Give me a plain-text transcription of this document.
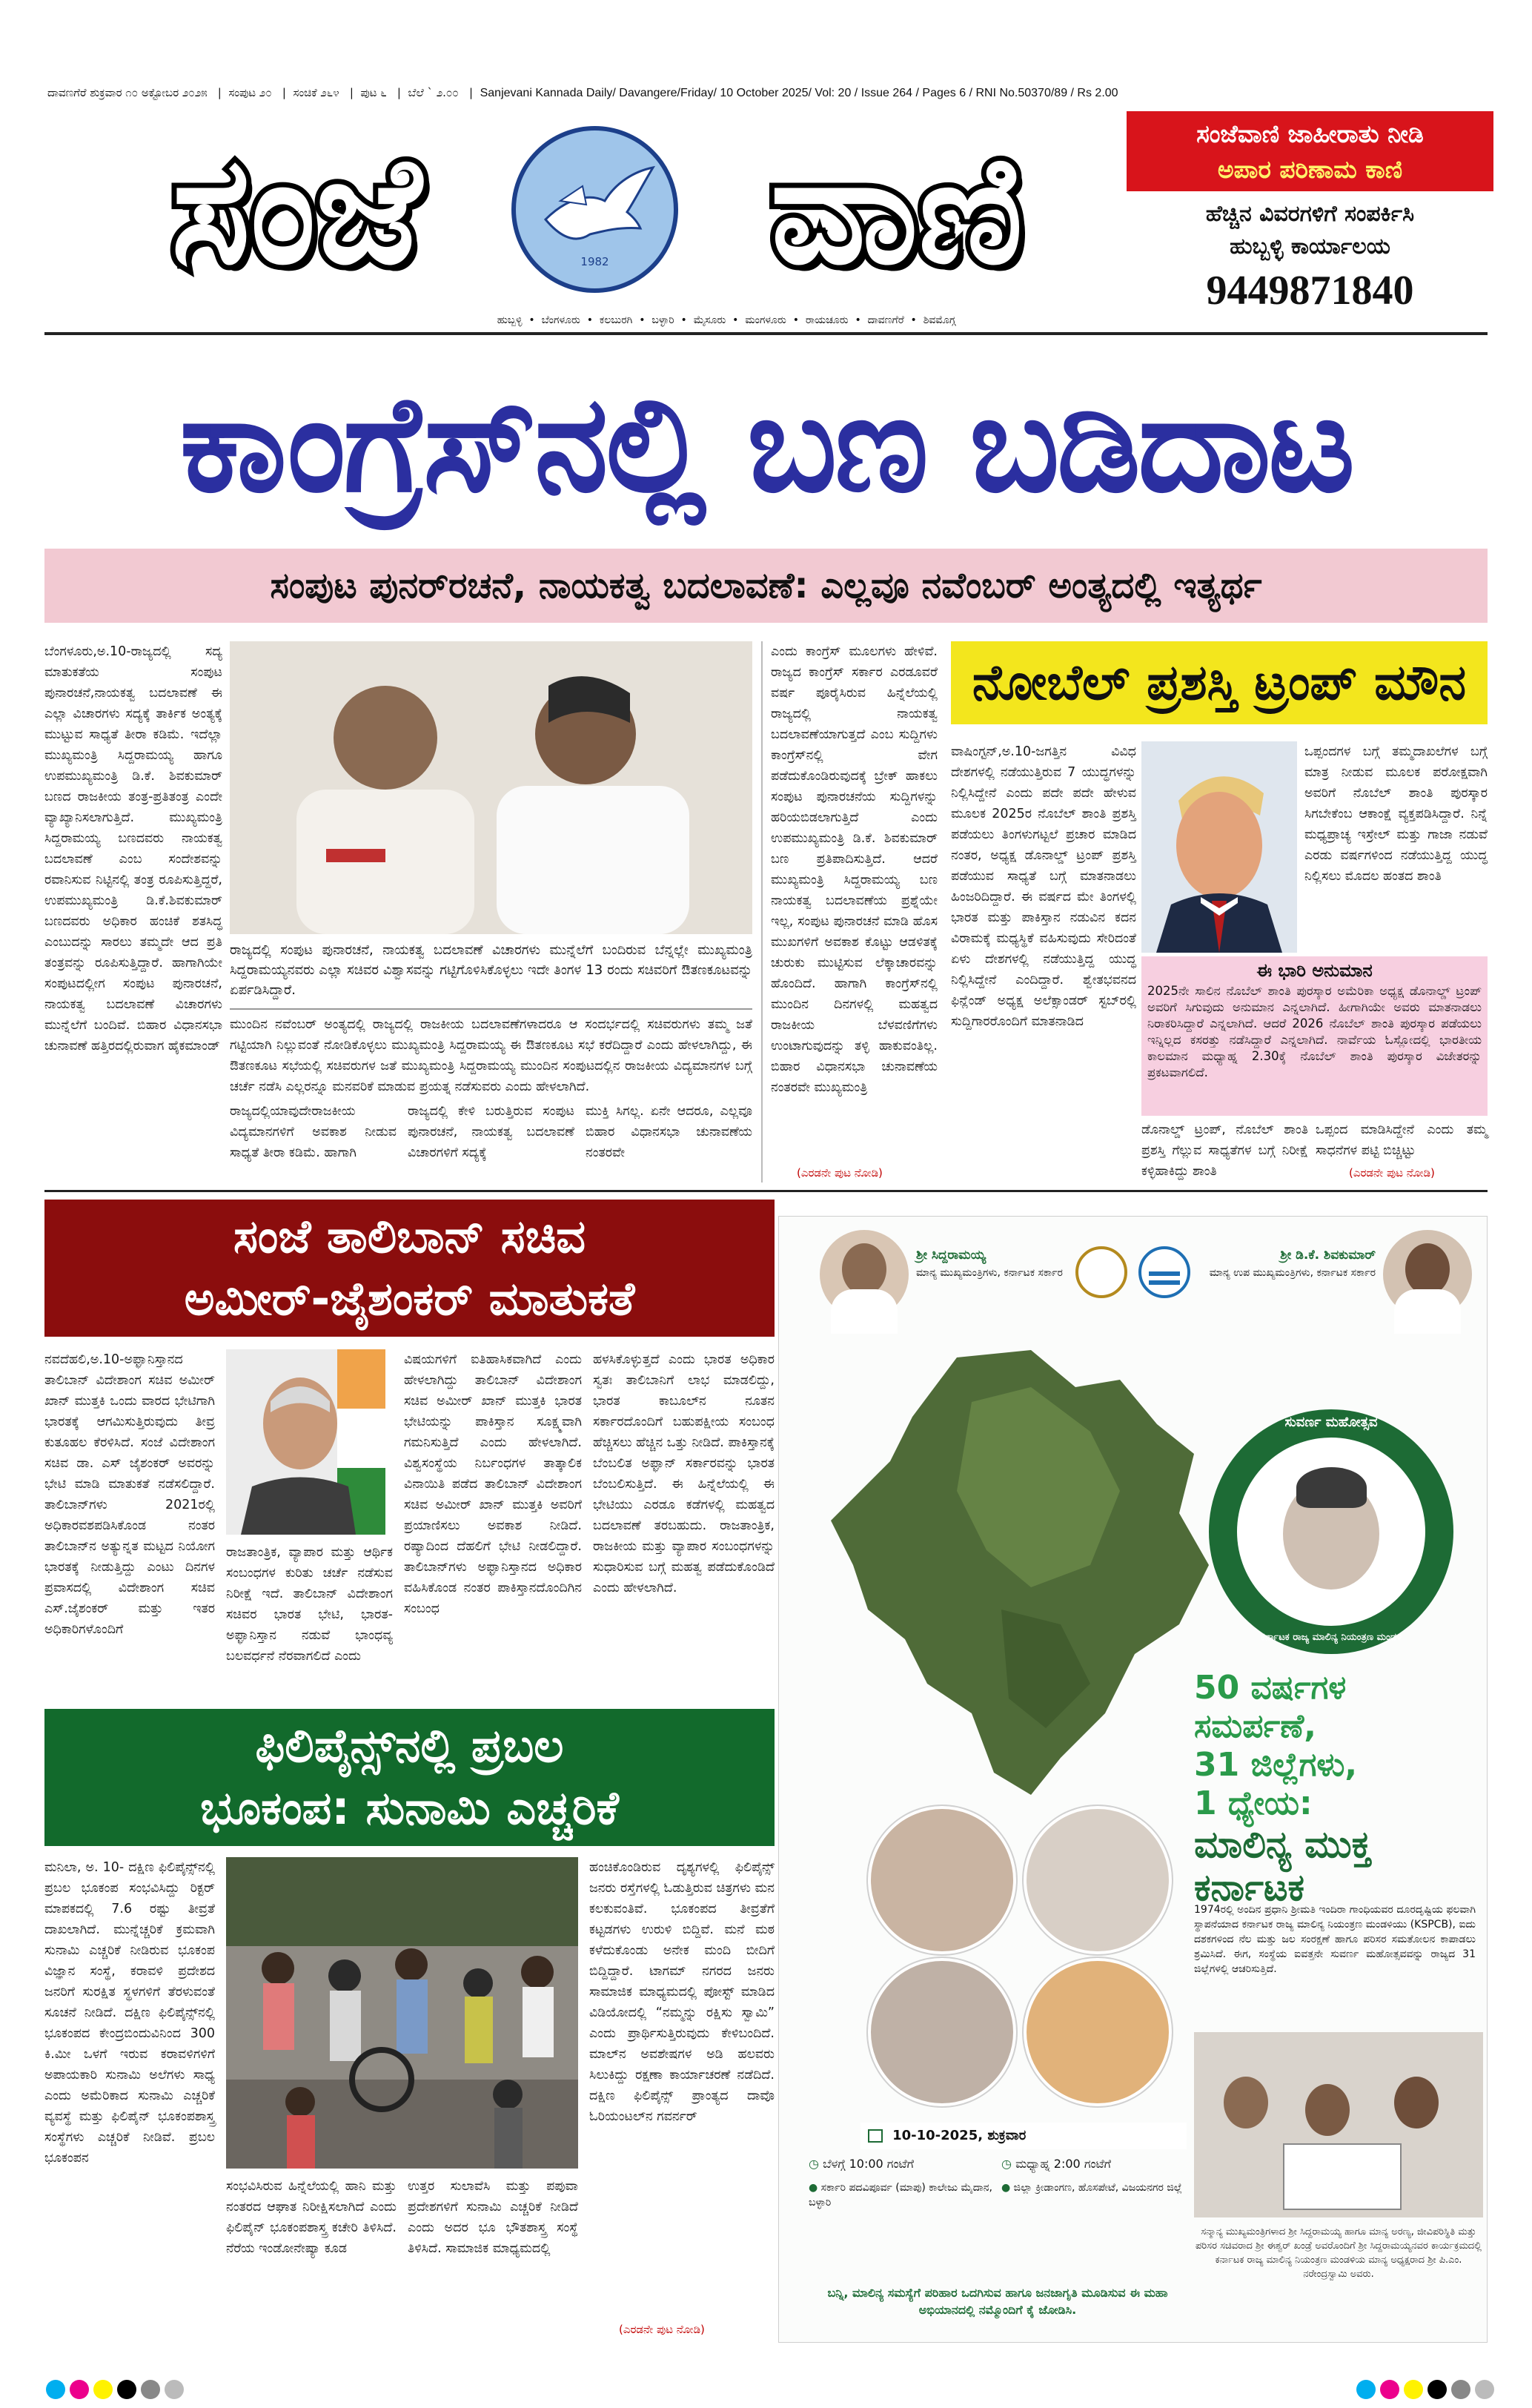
ದಾವಣಗೆರೆ ಶುಕ್ರವಾರ ೧೦ ಅಕ್ಟೋಬರ ೨೦೨೫   |  ಸಂಪುಟ ೨೦   |  ಸಂಚಿಕೆ ೨೬೪   |  ಪುಟ ೬   |  ಬೆಲೆ ` ೨.೦೦   |  Sanjevani Kannada Daily/ Davangere/Friday/ 10 October 2025/ Vol: 20 / Issue 264 / Pages 6 / RNI No.50370/89 / Rs 2.00
ಸಂಜೆ	1982	ವಾಣಿ
ಹುಬ್ಬಳ್ಳಿ  •  ಬೆಂಗಳೂರು  •  ಕಲಬುರಗಿ  •  ಬಳ್ಳಾರಿ  •  ಮೈಸೂರು  •  ಮಂಗಳೂರು  •  ರಾಯಚೂರು  •  ದಾವಣಗೆರೆ  •  ಶಿವಮೊಗ್ಗ
ಸಂಜೆವಾಣಿ ಜಾಹೀರಾತು ನೀಡಿ
ಅಪಾರ ಪರಿಣಾಮ ಕಾಣಿ
ಹೆಚ್ಚಿನ ವಿವರಗಳಿಗೆ ಸಂಪರ್ಕಿಸಿ
ಹುಬ್ಬಳ್ಳಿ ಕಾರ್ಯಾಲಯ
9449871840
ಕಾಂಗ್ರೆಸ್‌ನಲ್ಲಿ ಬಣ ಬಡಿದಾಟ
ಸಂಪುಟ ಪುನರ್‌ರಚನೆ, ನಾಯಕತ್ವ ಬದಲಾವಣೆ: ಎಲ್ಲವೂ ನವೆಂಬರ್ ಅಂತ್ಯದಲ್ಲಿ ಇತ್ಯರ್ಥ
ಬೆಂಗಳೂರು,ಅ.10-ರಾಜ್ಯದಲ್ಲಿ ಸದ್ಯ ಮಾತುಕತೆಯ ಸಂಪುಟ ಪುನಾರಚನೆ,ನಾಯಕತ್ವ ಬದಲಾವಣೆ ಈ ಎಲ್ಲಾ ವಿಚಾರಗಳು ಸದ್ಯಕ್ಕೆ ತಾರ್ಕಿಕ ಅಂತ್ಯಕ್ಕೆ ಮುಟ್ಟುವ ಸಾಧ್ಯತೆ ತೀರಾ ಕಡಿಮೆ. ಇದೆಲ್ಲಾ ಮುಖ್ಯಮಂತ್ರಿ ಸಿದ್ದರಾಮಯ್ಯ ಹಾಗೂ ಉಪಮುಖ್ಯಮಂತ್ರಿ ಡಿ.ಕೆ. ಶಿವಕುಮಾರ್ ಬಣದ ರಾಜಕೀಯ ತಂತ್ರ-ಪ್ರತಿತಂತ್ರ ಎಂದೇ ವ್ಯಾಖ್ಯಾನಿಸಲಾಗುತ್ತಿದೆ. ಮುಖ್ಯಮಂತ್ರಿ ಸಿದ್ದರಾಮಯ್ಯ ಬಣದವರು ನಾಯಕತ್ವ ಬದಲಾವಣೆ ಎಂಬ ಸಂದೇಶವನ್ನು ರವಾನಿಸುವ ನಿಟ್ಟಿನಲ್ಲಿ ತಂತ್ರ ರೂಪಿಸುತ್ತಿದ್ದರೆ, ಉಪಮುಖ್ಯಮಂತ್ರಿ ಡಿ.ಕೆ.ಶಿವಕುಮಾರ್ ಬಣದವರು ಅಧಿಕಾರ ಹಂಚಿಕೆ ಶತಸಿದ್ಧ ಎಂಬುದನ್ನು ಸಾರಲು ತಮ್ಮದೇ ಆದ ಪ್ರತಿ ತಂತ್ರವನ್ನು ರೂಪಿಸುತ್ತಿದ್ದಾರೆ. ಹಾಗಾಗಿಯೇ ಸಂಪುಟದಲ್ಲೀಗ ಸಂಪುಟ ಪುನಾರಚನೆ, ನಾಯಕತ್ವ ಬದಲಾವಣೆ ವಿಚಾರಗಳು ಮುನ್ನೆಲೆಗೆ ಬಂದಿವೆ. ಬಿಹಾರ ವಿಧಾನಸಭಾ ಚುನಾವಣೆ ಹತ್ತಿರದಲ್ಲಿರುವಾಗ ಹೈಕಮಾಂಡ್
ರಾಜ್ಯದಲ್ಲಿ ಸಂಪುಟ ಪುನಾರಚನೆ, ನಾಯಕತ್ವ ಬದಲಾವಣೆ ವಿಚಾರಗಳು ಮುನ್ನೆಲೆಗೆ ಬಂದಿರುವ ಬೆನ್ನಲ್ಲೇ ಮುಖ್ಯಮಂತ್ರಿ ಸಿದ್ದರಾಮಯ್ಯನವರು ಎಲ್ಲಾ ಸಚಿವರ ವಿಶ್ವಾಸವನ್ನು ಗಟ್ಟಿಗೊಳಿಸಿಕೊಳ್ಳಲು ಇದೇ ತಿಂಗಳ 13 ರಂದು ಸಚಿವರಿಗೆ ಔತಣಕೂಟವನ್ನು ಏರ್ಪಡಿಸಿದ್ದಾರೆ.
ಮುಂದಿನ ನವೆಂಬರ್ ಅಂತ್ಯದಲ್ಲಿ ರಾಜ್ಯದಲ್ಲಿ ರಾಜಕೀಯ ಬದಲಾವಣೆಗಳಾದರೂ ಆ ಸಂದರ್ಭದಲ್ಲಿ ಸಚಿವರುಗಳು ತಮ್ಮ ಜತೆ ಗಟ್ಟಿಯಾಗಿ ನಿಲ್ಲುವಂತೆ ನೋಡಿಕೊಳ್ಳಲು ಮುಖ್ಯಮಂತ್ರಿ ಸಿದ್ದರಾಮಯ್ಯ ಈ ಔತಣಕೂಟ ಸಭೆ ಕರೆದಿದ್ದಾರೆ ಎಂದು ಹೇಳಲಾಗಿದ್ದು, ಈ ಔತಣಕೂಟ ಸಭೆಯಲ್ಲಿ ಸಚಿವರುಗಳ ಜತೆ ಮುಖ್ಯಮಂತ್ರಿ ಸಿದ್ದರಾಮಯ್ಯ ಮುಂದಿನ ಸಂಪುಟದಲ್ಲಿನ ರಾಜಕೀಯ ವಿದ್ಯಮಾನಗಳ ಬಗ್ಗೆ ಚರ್ಚೆ ನಡೆಸಿ ಎಲ್ಲರನ್ನೂ ಮನವರಿಕೆ ಮಾಡುವ ಪ್ರಯತ್ನ ನಡೆಸುವರು ಎಂದು ಹೇಳಲಾಗಿದೆ.
ರಾಜ್ಯದಲ್ಲಿಯಾವುದೇರಾಜಕೀಯ ವಿದ್ಯಮಾನಗಳಿಗೆ ಅವಕಾಶ ನೀಡುವ ಸಾಧ್ಯತೆ ತೀರಾ ಕಡಿಮೆ. ಹಾಗಾಗಿ
ರಾಜ್ಯದಲ್ಲಿ ಕೇಳಿ ಬರುತ್ತಿರುವ ಸಂಪುಟ ಪುನಾರಚನೆ, ನಾಯಕತ್ವ ಬದಲಾವಣೆ ವಿಚಾರಗಳಿಗೆ ಸದ್ಯಕ್ಕೆ
ಮುಕ್ತಿ ಸಿಗಲ್ಲ. ಏನೇ ಆದರೂ, ಎಲ್ಲವೂ ಬಿಹಾರ ವಿಧಾನಸಭಾ ಚುನಾವಣೆಯ ನಂತರವೇ
ಎಂದು ಕಾಂಗ್ರೆಸ್ ಮೂಲಗಳು ಹೇಳಿವೆ. ರಾಜ್ಯದ ಕಾಂಗ್ರೆಸ್ ಸರ್ಕಾರ ಎರಡೂವರೆ ವರ್ಷ ಪೂರೈಸಿರುವ ಹಿನ್ನೆಲೆಯಲ್ಲಿ ರಾಜ್ಯದಲ್ಲಿ ನಾಯಕತ್ವ ಬದಲಾವಣೆಯಾಗುತ್ತದೆ ಎಂಬ ಸುದ್ದಿಗಳು ಕಾಂಗ್ರೆಸ್‌ನಲ್ಲಿ ವೇಗ ಪಡೆದುಕೊಂಡಿರುವುದಕ್ಕೆ ಬ್ರೇಕ್ ಹಾಕಲು ಸಂಪುಟ ಪುನಾರಚನೆಯ ಸುದ್ದಿಗಳನ್ನು ಹರಿಯಬಿಡಲಾಗುತ್ತಿದೆ ಎಂದು ಉಪಮುಖ್ಯಮಂತ್ರಿ ಡಿ.ಕೆ. ಶಿವಕುಮಾರ್ ಬಣ ಪ್ರತಿಪಾದಿಸುತ್ತಿದೆ. ಆದರೆ ಮುಖ್ಯಮಂತ್ರಿ ಸಿದ್ದರಾಮಯ್ಯ ಬಣ ನಾಯಕತ್ವ ಬದಲಾವಣೆಯ ಪ್ರಶ್ನೆಯೇ ಇಲ್ಲ, ಸಂಪುಟ ಪುನಾರಚನೆ ಮಾಡಿ ಹೊಸ ಮುಖಗಳಿಗೆ ಅವಕಾಶ ಕೊಟ್ಟು ಆಡಳಿತಕ್ಕೆ ಚುರುಕು ಮುಟ್ಟಿಸುವ ಲೆಕ್ಕಾಚಾರವನ್ನು ಹೊಂದಿದೆ. ಹಾಗಾಗಿ ಕಾಂಗ್ರೆಸ್‌ನಲ್ಲಿ ಮುಂದಿನ ದಿನಗಳಲ್ಲಿ ಮಹತ್ವದ ರಾಜಕೀಯ ಬೆಳವಣಿಗೆಗಳು ಉಂಟಾಗುವುದನ್ನು ತಳ್ಳಿ ಹಾಕುವಂತಿಲ್ಲ. ಬಿಹಾರ ವಿಧಾನಸಭಾ ಚುನಾವಣೆಯ ನಂತರವೇ ಮುಖ್ಯಮಂತ್ರಿ
(ಎರಡನೇ ಪುಟ ನೋಡಿ)
ನೋಬೆಲ್ ಪ್ರಶಸ್ತಿ ಟ್ರಂಪ್ ಮೌನ
ವಾಷಿಂಗ್ಟನ್,ಅ.10-ಜಗತ್ತಿನ ವಿವಿಧ ದೇಶಗಳಲ್ಲಿ ನಡೆಯುತ್ತಿರುವ 7 ಯುದ್ಧಗಳನ್ನು ನಿಲ್ಲಿಸಿದ್ದೇನೆ ಎಂದು ಪದೇ ಪದೇ ಹೇಳುವ ಮೂಲಕ 2025ರ ನೊಬೆಲ್ ಶಾಂತಿ ಪ್ರಶಸ್ತಿ ಪಡೆಯಲು ತಿಂಗಳುಗಟ್ಟಲೆ ಪ್ರಚಾರ ಮಾಡಿದ ನಂತರ, ಅಧ್ಯಕ್ಷ ಡೊನಾಲ್ಡ್ ಟ್ರಂಪ್ ಪ್ರಶಸ್ತಿ ಪಡೆಯುವ ಸಾಧ್ಯತೆ ಬಗ್ಗೆ ಮಾತನಾಡಲು ಹಿಂಜರಿದಿದ್ದಾರೆ. ಈ ವರ್ಷದ ಮೇ ತಿಂಗಳಲ್ಲಿ ಭಾರತ ಮತ್ತು ಪಾಕಿಸ್ತಾನ ನಡುವಿನ ಕದನ ವಿರಾಮಕ್ಕೆ ಮಧ್ಯಸ್ಥಿಕೆ ವಹಿಸುವುದು ಸೇರಿದಂತೆ ಏಳು ದೇಶಗಳಲ್ಲಿ ನಡೆಯುತ್ತಿದ್ದ ಯುದ್ಧ ನಿಲ್ಲಿಸಿದ್ದೇನೆ ಎಂದಿದ್ದಾರೆ. ಶ್ವೇತಭವನದ ಫಿನ್ಲೆಂಡ್ ಅಧ್ಯಕ್ಷ ಅಲೆಕ್ಸಾಂಡರ್ ಸ್ಟಬ್‌ರಲ್ಲಿ ಸುದ್ದಿಗಾರರೊಂದಿಗೆ ಮಾತನಾಡಿದ
ಒಪ್ಪಂದಗಳ ಬಗ್ಗೆ ತಮ್ಮದಾಖಲೆಗಳ ಬಗ್ಗೆ ಮಾತ್ರ ನೀಡುವ ಮೂಲಕ ಪರೋಕ್ಷವಾಗಿ ಅವರಿಗೆ ನೊಬೆಲ್ ಶಾಂತಿ ಪುರಸ್ಕಾರ ಸಿಗಬೇಕೆಂಬ ಆಕಾಂಕ್ಷೆ ವ್ಯಕ್ತಪಡಿಸಿದ್ದಾರೆ. ನಿನ್ನೆ ಮಧ್ಯಪ್ರಾಚ್ಯ ಇಸ್ರೇಲ್ ಮತ್ತು ಗಾಜಾ ನಡುವೆ ಎರಡು ವರ್ಷಗಳಿಂದ ನಡೆಯುತ್ತಿದ್ದ ಯುದ್ಧ ನಿಲ್ಲಿಸಲು ಮೊದಲ ಹಂತದ ಶಾಂತಿ
ಈ ಭಾರಿ ಅನುಮಾನ
2025ನೇ ಸಾಲಿನ ನೊಬೆಲ್ ಶಾಂತಿ ಪುರಸ್ಕಾರ ಅಮೆರಿಕಾ ಅಧ್ಯಕ್ಷ ಡೊನಾಲ್ಡ್ ಟ್ರಂಪ್ ಅವರಿಗೆ ಸಿಗುವುದು ಅನುಮಾನ ಎನ್ನಲಾಗಿದೆ. ಹೀಗಾಗಿಯೇ ಅವರು ಮಾತನಾಡಲು ನಿರಾಕರಿಸಿದ್ದಾರೆ ಎನ್ನಲಾಗಿದೆ. ಆದರೆ 2026 ನೊಬೆಲ್ ಶಾಂತಿ ಪುರಸ್ಕಾರ ಪಡೆಯಲು ಇನ್ನಿಲ್ಲದ ಕಸರತ್ತು ನಡೆಸಿದ್ದಾರೆ ಎನ್ನಲಾಗಿದೆ. ನಾರ್ವೆಯ ಓಸ್ಲೋದಲ್ಲಿ ಭಾರತೀಯ ಕಾಲಮಾನ ಮಧ್ಯಾಹ್ನ 2.30ಕ್ಕೆ ನೊಬೆಲ್ ಶಾಂತಿ ಪುರಸ್ಕಾರ ವಿಜೇತರನ್ನು ಪ್ರಕಟವಾಗಲಿದೆ.
ಡೊನಾಲ್ಡ್ ಟ್ರಂಪ್, ನೊಬೆಲ್ ಶಾಂತಿ ಪ್ರಶಸ್ತಿ ಗೆಲ್ಲುವ ಸಾಧ್ಯತೆಗಳ ಬಗ್ಗೆ ನಿರೀಕ್ಷೆ ಕಳ್ಳಿಹಾಕಿದ್ದು ಶಾಂತಿ
ಒಪ್ಪಂದ ಮಾಡಿಸಿದ್ದೇನೆ ಎಂದು ತಮ್ಮ ಸಾಧನೆಗಳ ಪಟ್ಟಿ ಬಿಚ್ಚಿಟ್ಟು
(ಎರಡನೇ ಪುಟ ನೋಡಿ)
ಸಂಜೆ ತಾಲಿಬಾನ್ ಸಚಿವ
ಅಮೀರ್-ಜೈಶಂಕರ್ ಮಾತುಕತೆ
ನವದೆಹಲಿ,ಅ.10-ಅಫ್ಘಾನಿಸ್ತಾನದ ತಾಲಿಬಾನ್ ವಿದೇಶಾಂಗ ಸಚಿವ ಅಮೀರ್ ಖಾನ್ ಮುತ್ತಕಿ ಒಂದು ವಾರದ ಭೇಟಿಗಾಗಿ ಭಾರತಕ್ಕೆ ಆಗಮಿಸುತ್ತಿರುವುದು ತೀವ್ರ ಕುತೂಹಲ ಕೆರಳಿಸಿದೆ. ಸಂಜೆ ವಿದೇಶಾಂಗ ಸಚಿವ ಡಾ. ಎಸ್ ಜೈಶಂಕರ್ ಅವರನ್ನು ಭೇಟಿ ಮಾಡಿ ಮಾತುಕತೆ ನಡೆಸಲಿದ್ದಾರೆ. ತಾಲಿಬಾನ್‌ಗಳು 2021ರಲ್ಲಿ ಅಧಿಕಾರವಶಪಡಿಸಿಕೊಂಡ ನಂತರ ತಾಲಿಬಾನ್‌ನ ಅತ್ಯುನ್ನತ ಮಟ್ಟದ ನಿಯೋಗ ಭಾರತಕ್ಕೆ ನೀಡುತ್ತಿದ್ದು ಎಂಟು ದಿನಗಳ ಪ್ರವಾಸದಲ್ಲಿ ವಿದೇಶಾಂಗ ಸಚಿವ ಎಸ್.ಜೈಶಂಕರ್ ಮತ್ತು ಇತರ ಅಧಿಕಾರಿಗಳೊಂದಿಗೆ
ರಾಜತಾಂತ್ರಿಕ, ವ್ಯಾಪಾರ ಮತ್ತು ಆರ್ಥಿಕ ಸಂಬಂಧಗಳ ಕುರಿತು ಚರ್ಚೆ ನಡೆಸುವ ನಿರೀಕ್ಷೆ ಇದೆ. ತಾಲಿಬಾನ್ ವಿದೇಶಾಂಗ ಸಚಿವರ ಭಾರತ ಭೇಟಿ, ಭಾರತ-ಅಫ್ಘಾನಿಸ್ತಾನ ನಡುವೆ ಭಾಂಧವ್ಯ ಬಲವರ್ಧನೆ ನೆರವಾಗಲಿದೆ ಎಂದು
ವಿಷಯಗಳಿಗೆ ಐತಿಹಾಸಿಕವಾಗಿದೆ ಎಂದು ಹೇಳಲಾಗಿದ್ದು ತಾಲಿಬಾನ್ ವಿದೇಶಾಂಗ ಸಚಿವ ಅಮೀರ್ ಖಾನ್ ಮುತ್ತಕಿ ಭಾರತ ಭೇಟಿಯನ್ನು ಪಾಕಿಸ್ತಾನ ಸೂಕ್ಷ್ಮವಾಗಿ ಗಮನಿಸುತ್ತಿದೆ ಎಂದು ಹೇಳಲಾಗಿದೆ. ವಿಶ್ವಸಂಸ್ಥೆಯ ನಿರ್ಬಂಧಗಳ ತಾತ್ಕಾಲಿಕ ವಿನಾಯಿತಿ ಪಡೆದ ತಾಲಿಬಾನ್ ವಿದೇಶಾಂಗ ಸಚಿವ ಅಮೀರ್ ಖಾನ್ ಮುತ್ತಕಿ ಅವರಿಗೆ ಪ್ರಯಾಣಿಸಲು ಅವಕಾಶ ನೀಡಿದೆ. ರಷ್ಯಾದಿಂದ ದೆಹಲಿಗೆ ಭೇಟಿ ನೀಡಲಿದ್ದಾರೆ. ತಾಲಿಬಾನ್‌ಗಳು ಅಫ್ಘಾನಿಸ್ತಾನದ ಅಧಿಕಾರ ವಹಿಸಿಕೊಂಡ ನಂತರ ಪಾಕಿಸ್ತಾನದೊಂದಿಗಿನ ಸಂಬಂಧ
ಹಳಸಿಕೊಳ್ಳುತ್ತದೆ ಎಂದು ಭಾರತ ಅಧಿಕಾರ ಸ್ವತಃ ತಾಲಿಬಾನಿಗೆ ಲಾಭ ಮಾಡಲಿದ್ದು, ಭಾರತ ಕಾಬೂಲ್‌ನ ನೂತನ ಸರ್ಕಾರದೊಂದಿಗೆ ಬಹುಪಕ್ಷೀಯ ಸಂಬಂಧ ಹೆಚ್ಚಿಸಲು ಹೆಚ್ಚಿನ ಒತ್ತು ನೀಡಿದೆ. ಪಾಕಿಸ್ತಾನಕ್ಕೆ ಬೆಂಬಲಿತ ಅಫ್ಘಾನ್ ಸರ್ಕಾರವನ್ನು ಭಾರತ ಬೆಂಬಲಿಸುತ್ತಿದೆ. ಈ ಹಿನ್ನೆಲೆಯಲ್ಲಿ ಈ ಭೇಟಿಯು ಎರಡೂ ಕಡೆಗಳಲ್ಲಿ ಮಹತ್ವದ ಬದಲಾವಣೆ ತರಬಹುದು. ರಾಜತಾಂತ್ರಿಕ, ರಾಜಕೀಯ ಮತ್ತು ವ್ಯಾಪಾರ ಸಂಬಂಧಗಳನ್ನು ಸುಧಾರಿಸುವ ಬಗ್ಗೆ ಮಹತ್ವ ಪಡೆದುಕೊಂಡಿದೆ ಎಂದು ಹೇಳಲಾಗಿದೆ.
ಫಿಲಿಪೈನ್ಸ್‌ನಲ್ಲಿ ಪ್ರಬಲ
ಭೂಕಂಪ: ಸುನಾಮಿ ಎಚ್ಚರಿಕೆ
ಮನಿಲಾ, ಅ. 10- ದಕ್ಷಿಣ ಫಿಲಿಪೈನ್ಸ್‌ನಲ್ಲಿ ಪ್ರಬಲ ಭೂಕಂಪ ಸಂಭವಿಸಿದ್ದು ರಿಕ್ಟರ್ ಮಾಪಕದಲ್ಲಿ 7.6 ರಷ್ಟು ತೀವ್ರತೆ ದಾಖಲಾಗಿದೆ. ಮುನ್ನೆಚ್ಚರಿಕೆ ಕ್ರಮವಾಗಿ ಸುನಾಮಿ ಎಚ್ಚರಿಕೆ ನೀಡಿರುವ ಭೂಕಂಪ ವಿಜ್ಞಾನ ಸಂಸ್ಥೆ, ಕರಾವಳಿ ಪ್ರದೇಶದ ಜನರಿಗೆ ಸುರಕ್ಷಿತ ಸ್ಥಳಗಳಿಗೆ ತೆರಳುವಂತೆ ಸೂಚನೆ ನೀಡಿದೆ. ದಕ್ಷಿಣ ಫಿಲಿಪೈನ್ಸ್‌ನಲ್ಲಿ ಭೂಕಂಪದ ಕೇಂದ್ರಬಿಂದುವಿನಿಂದ 300 ಕಿ.ಮೀ ಒಳಗೆ ಇರುವ ಕರಾವಳಿಗಳಿಗೆ ಅಪಾಯಕಾರಿ ಸುನಾಮಿ ಅಲೆಗಳು ಸಾಧ್ಯ ಎಂದು ಅಮೆರಿಕಾದ ಸುನಾಮಿ ಎಚ್ಚರಿಕೆ ವ್ಯವಸ್ಥೆ ಮತ್ತು ಫಿಲಿಪೈನ್ ಭೂಕಂಪಶಾಸ್ತ್ರ ಸಂಸ್ಥೆಗಳು ಎಚ್ಚರಿಕೆ ನೀಡಿವೆ. ಪ್ರಬಲ ಭೂಕಂಪನ
ಸಂಭವಿಸಿರುವ ಹಿನ್ನೆಲೆಯಲ್ಲಿ ಹಾನಿ ಮತ್ತು ನಂತರದ ಆಘಾತ ನಿರೀಕ್ಷಿಸಲಾಗಿದೆ ಎಂದು ಫಿಲಿಪೈನ್ ಭೂಕಂಪಶಾಸ್ತ್ರ ಕಚೇರಿ ತಿಳಿಸಿದೆ. ನೆರೆಯ ಇಂಡೋನೇಷ್ಯಾ ಕೂಡ
ಉತ್ತರ ಸುಲಾವೆಸಿ ಮತ್ತು ಪಪುವಾ ಪ್ರದೇಶಗಳಿಗೆ ಸುನಾಮಿ ಎಚ್ಚರಿಕೆ ನೀಡಿದೆ ಎಂದು ಅದರ ಭೂ ಭೌತಶಾಸ್ತ್ರ ಸಂಸ್ಥೆ ತಿಳಿಸಿದೆ. ಸಾಮಾಜಿಕ ಮಾಧ್ಯಮದಲ್ಲಿ
ಹಂಚಿಕೊಂಡಿರುವ ದೃಶ್ಯಗಳಲ್ಲಿ ಫಿಲಿಪೈನ್ಸ್ ಜನರು ರಸ್ತೆಗಳಲ್ಲಿ ಓಡುತ್ತಿರುವ ಚಿತ್ರಗಳು ಮನ ಕಲಕುವಂತಿವೆ. ಭೂಕಂಪದ ತೀವ್ರತೆಗೆ ಕಟ್ಟಡಗಳು ಉರುಳಿ ಬಿದ್ದಿವೆ. ಮನೆ ಮಠ ಕಳೆದುಕೊಂಡು ಅನೇಕ ಮಂದಿ ಬೀದಿಗೆ ಬಿದ್ದಿದ್ದಾರೆ. ಟಾಗಮ್ ನಗರದ ಜನರು ಸಾಮಾಜಿಕ ಮಾಧ್ಯಮದಲ್ಲಿ ಪೋಸ್ಟ್ ಮಾಡಿದ ವಿಡಿಯೋದಲ್ಲಿ “ನಮ್ಮನ್ನು ರಕ್ಷಿಸು ಸ್ವಾಮಿ” ಎಂದು ಪ್ರಾರ್ಥಿಸುತ್ತಿರುವುದು ಕೇಳಿಬಂದಿದೆ. ಮಾಲ್‌ನ ಅವಶೇಷಗಳ ಅಡಿ ಹಲವರು ಸಿಲುಕಿದ್ದು ರಕ್ಷಣಾ ಕಾರ್ಯಾಚರಣೆ ನಡೆದಿದೆ. ದಕ್ಷಿಣ ಫಿಲಿಪೈನ್ಸ್ ಪ್ರಾಂತ್ಯದ ದಾವೊ ಓರಿಯಂಟಲ್‌ನ ಗವರ್ನರ್
(ಎರಡನೇ ಪುಟ ನೋಡಿ)
ಶ್ರೀ ಸಿದ್ದರಾಮಯ್ಯ
ಮಾನ್ಯ ಮುಖ್ಯಮಂತ್ರಿಗಳು, ಕರ್ನಾಟಕ ಸರ್ಕಾರ
ಶ್ರೀ ಡಿ.ಕೆ. ಶಿವಕುಮಾರ್
ಮಾನ್ಯ ಉಪ ಮುಖ್ಯಮಂತ್ರಿಗಳು, ಕರ್ನಾಟಕ ಸರ್ಕಾರ
ಸುವರ್ಣ ಮಹೋತ್ಸವ
ಕರ್ನಾಟಕ ರಾಜ್ಯ ಮಾಲಿನ್ಯ ನಿಯಂತ್ರಣ ಮಂಡಳಿ
50 ವರ್ಷಗಳ
ಸಮರ್ಪಣೆ,
31 ಜಿಲ್ಲೆಗಳು,
1 ಧ್ಯೇಯ:
ಮಾಲಿನ್ಯ ಮುಕ್ತ
ಕರ್ನಾಟಕ
1974ರಲ್ಲಿ ಅಂದಿನ ಪ್ರಧಾನಿ ಶ್ರೀಮತಿ ಇಂದಿರಾ ಗಾಂಧಿಯವರ ದೂರದೃಷ್ಟಿಯ ಫಲವಾಗಿ ಸ್ಥಾಪನೆಯಾದ ಕರ್ನಾಟಕ ರಾಜ್ಯ ಮಾಲಿನ್ಯ ನಿಯಂತ್ರಣ ಮಂಡಳಿಯು (KSPCB), ಐದು ದಶಕಗಳಿಂದ ನೆಲ ಮತ್ತು ಜಲ ಸಂರಕ್ಷಣೆ ಹಾಗೂ ಪರಿಸರ ಸಮತೋಲನ ಕಾಪಾಡಲು ಶ್ರಮಿಸಿದೆ. ಈಗ, ಸಂಸ್ಥೆಯ ಐವತ್ತನೇ ಸುವರ್ಣ ಮಹೋತ್ಸವವನ್ನು ರಾಜ್ಯದ 31 ಜಿಲ್ಲೆಗಳಲ್ಲಿ ಆಚರಿಸುತ್ತಿದೆ.
ಸನ್ಮಾನ್ಯ ಮುಖ್ಯಮಂತ್ರಿಗಳಾದ ಶ್ರೀ ಸಿದ್ದರಾಮಯ್ಯ ಹಾಗೂ ಮಾನ್ಯ ಅರಣ್ಯ, ಜೀವಿಪರಿಸ್ಥಿತಿ ಮತ್ತು ಪರಿಸರ ಸಚಿವರಾದ ಶ್ರೀ ಈಶ್ವರ್ ಖಂಡ್ರೆ ಅವರೊಂದಿಗೆ ಶ್ರೀ ಸಿದ್ದರಾಮಯ್ಯನವರ ಕಾರ್ಯಕ್ರಮದಲ್ಲಿ ಕರ್ನಾಟಕ ರಾಜ್ಯ ಮಾಲಿನ್ಯ ನಿಯಂತ್ರಣ ಮಂಡಳಿಯ ಮಾನ್ಯ ಅಧ್ಯಕ್ಷರಾದ ಶ್ರೀ ಪಿ.ಎಂ. ನರೇಂದ್ರಸ್ವಾಮಿ ಅವರು.
10-10-2025, ಶುಕ್ರವಾರ
◷ ಬೆಳಗ್ಗೆ 10:00 ಗಂಟೆಗೆ	◷ ಮಧ್ಯಾಹ್ನ 2:00 ಗಂಟೆಗೆ
● ಸರ್ಕಾರಿ ಪದವಿಪೂರ್ವ (ಮಾಪು) ಕಾಲೇಜು ಮೈದಾನ, ಬಳ್ಳಾರಿ
● ಜಿಲ್ಲಾ ಕ್ರೀಡಾಂಗಣ, ಹೊಸಪೇಟೆ, ವಿಜಯನಗರ ಜಿಲ್ಲೆ
ಬನ್ನಿ, ಮಾಲಿನ್ಯ ಸಮಸ್ಯೆಗೆ ಪರಿಹಾರ ಒದಗಿಸುವ ಹಾಗೂ ಜನಜಾಗೃತಿ ಮೂಡಿಸುವ ಈ ಮಹಾ ಅಭಿಯಾನದಲ್ಲಿ ನಮ್ಮೊಂದಿಗೆ ಕೈ ಜೋಡಿಸಿ.
